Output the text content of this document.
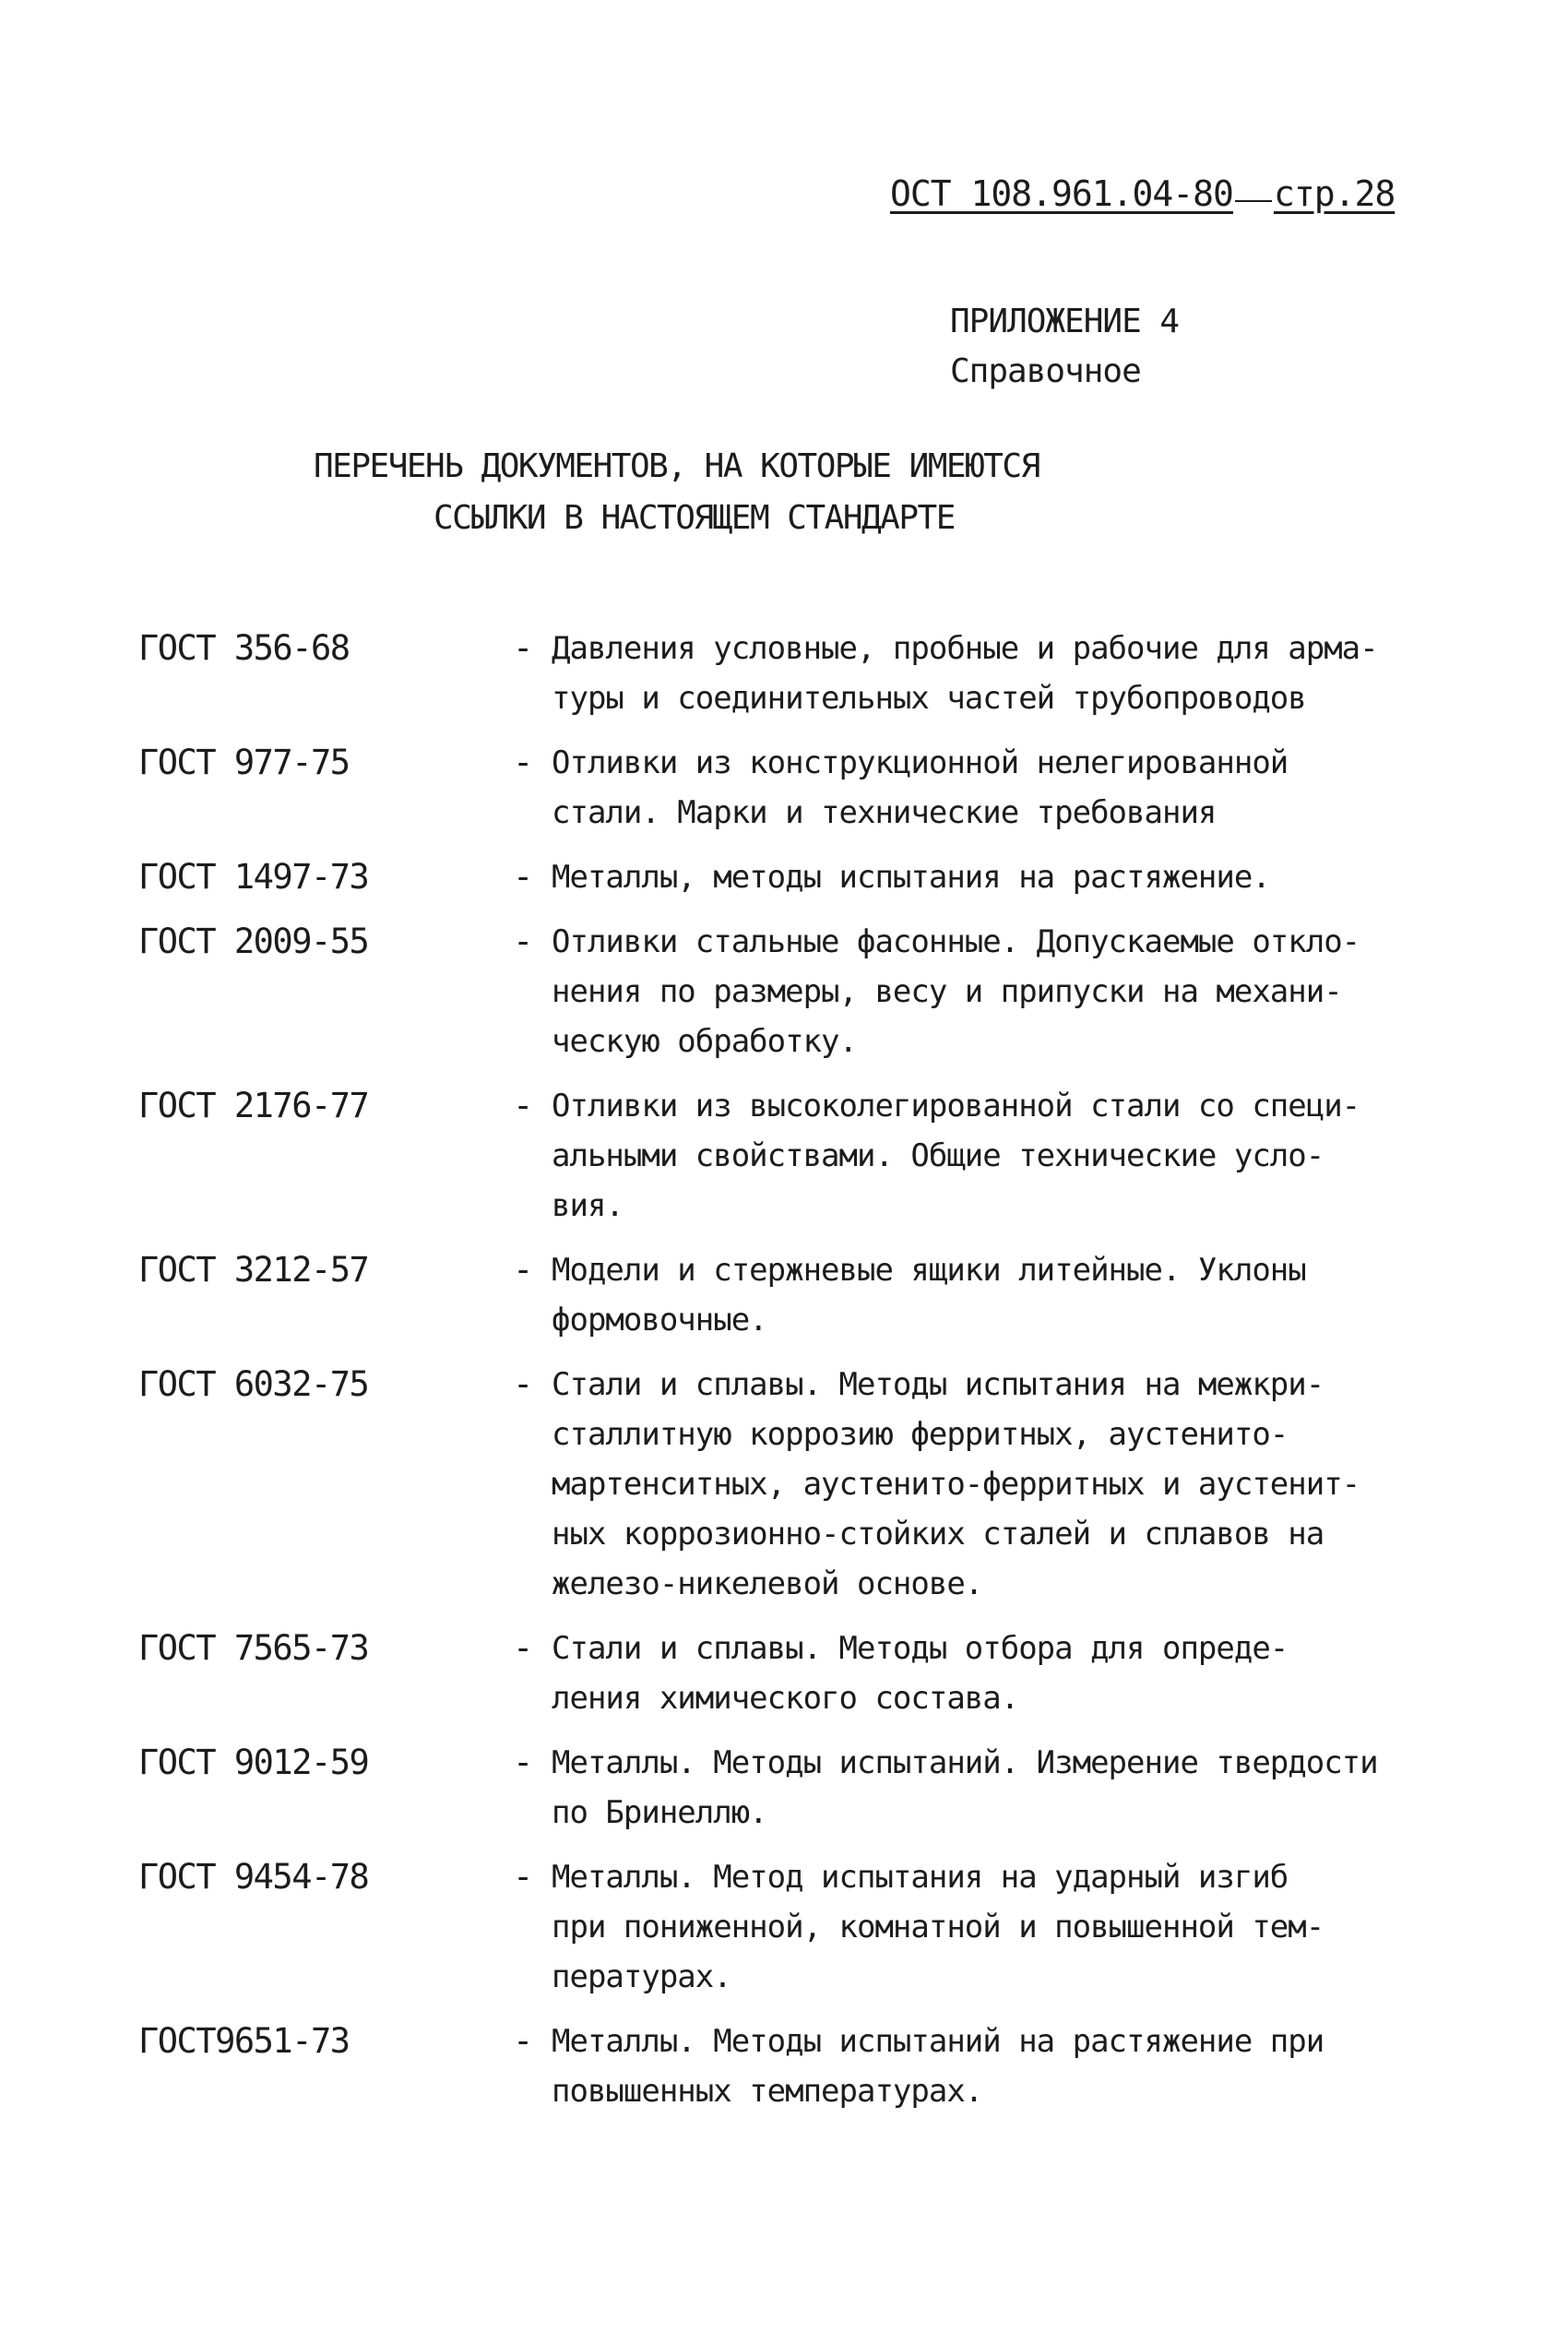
ОСТ 108.961.04-80 стр.28
ПРИЛОЖЕНИЕ 4
Справочное
ПЕРЕЧЕНЬ ДОКУМЕНТОВ, НА КОТОРЫЕ ИМЕЮТСЯ
ССЫЛКИ В НАСТОЯЩЕМ СТАНДАРТЕ
ГОСТ 356-68	- Давления условные, пробные и рабочие для арма-
туры и соединительных частей трубопроводов
ГОСТ 977-75	- Отливки из конструкционной нелегированной
стали. Марки и технические требования
ГОСТ 1497-73	- Металлы, методы испытания на растяжение.
ГОСТ 2009-55	- Отливки стальные фасонные. Допускаемые откло-
нения по размеры, весу и припуски на механи-
ческую обработку.
ГОСТ 2176-77	- Отливки из высоколегированной стали со специ-
альными свойствами. Общие технические усло-
вия.
ГОСТ 3212-57	- Модели и стержневые ящики литейные. Уклоны
формовочные.
ГОСТ 6032-75	- Стали и сплавы. Методы испытания на межкри-
сталлитную коррозию ферритных, аустенито-
мартенситных, аустенито-ферритных и аустенит-
ных коррозионно-стойких сталей и сплавов на
железо-никелевой основе.
ГОСТ 7565-73	- Стали и сплавы. Методы отбора для опреде-
ления химического состава.
ГОСТ 9012-59	- Металлы. Методы испытаний. Измерение твердости
по Бринеллю.
ГОСТ 9454-78	- Металлы. Метод испытания на ударный изгиб
при пониженной, комнатной и повышенной тем-
пературах.
ГОСТ9651-73	- Металлы. Методы испытаний на растяжение при
повышенных температурах.
